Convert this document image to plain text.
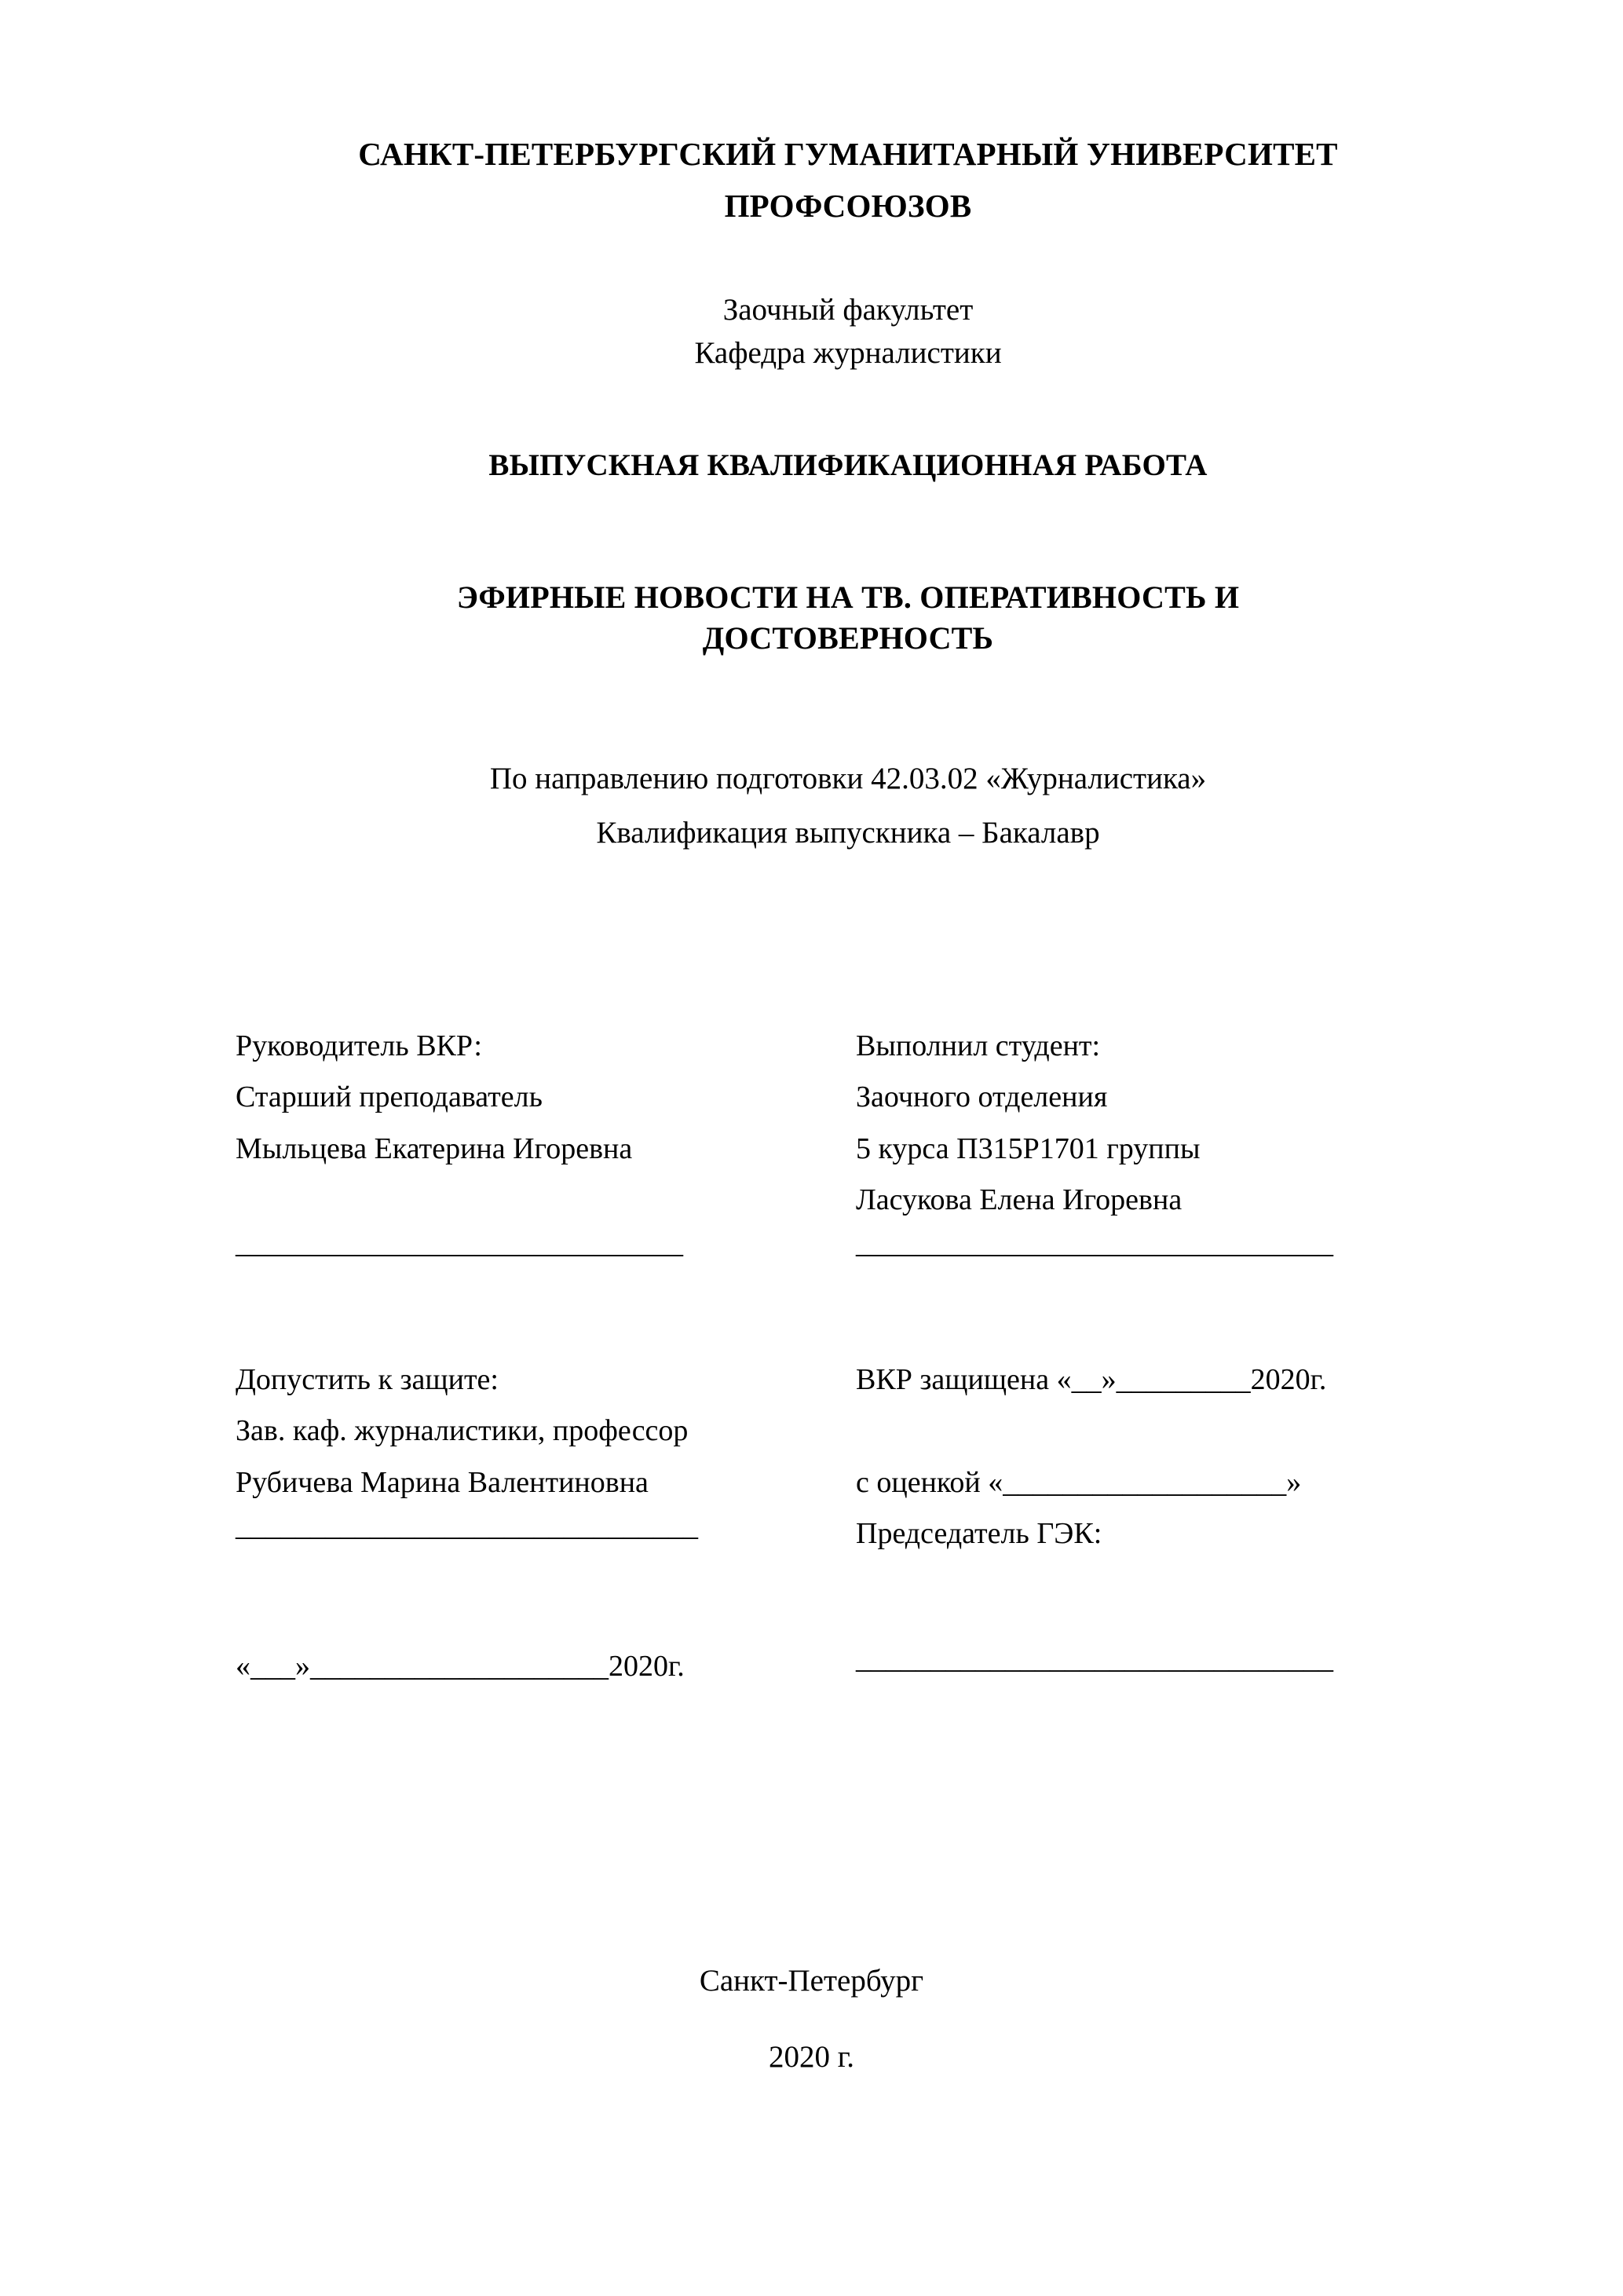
САНКТ-ПЕТЕРБУРГСКИЙ ГУМАНИТАРНЫЙ УНИВЕРСИТЕТ
ПРОФСОЮЗОВ
Заочный факультет
Кафедра журналистики
ВЫПУСКНАЯ КВАЛИФИКАЦИОННАЯ РАБОТА
ЭФИРНЫЕ НОВОСТИ НА ТВ. ОПЕРАТИВНОСТЬ И
ДОСТОВЕРНОСТЬ
По направлению подготовки 42.03.02 «Журналистика»
Квалификация выпускника – Бакалавр
Руководитель ВКР:
Старший преподаватель
Мыльцева Екатерина Игоревна

______________________________
Выполнил студент:
Заочного отделения
5 курса П315Р1701 группы
Ласукова Елена Игоревна
________________________________
Допустить к защите:
Зав. каф. журналистики, профессор
Рубичева Марина Валентиновна
_______________________________
ВКР защищена «__»_________2020г.

с оценкой «___________________»
Председатель ГЭК:
«___»____________________2020г.	________________________________
Санкт-Петербург
2020 г.
